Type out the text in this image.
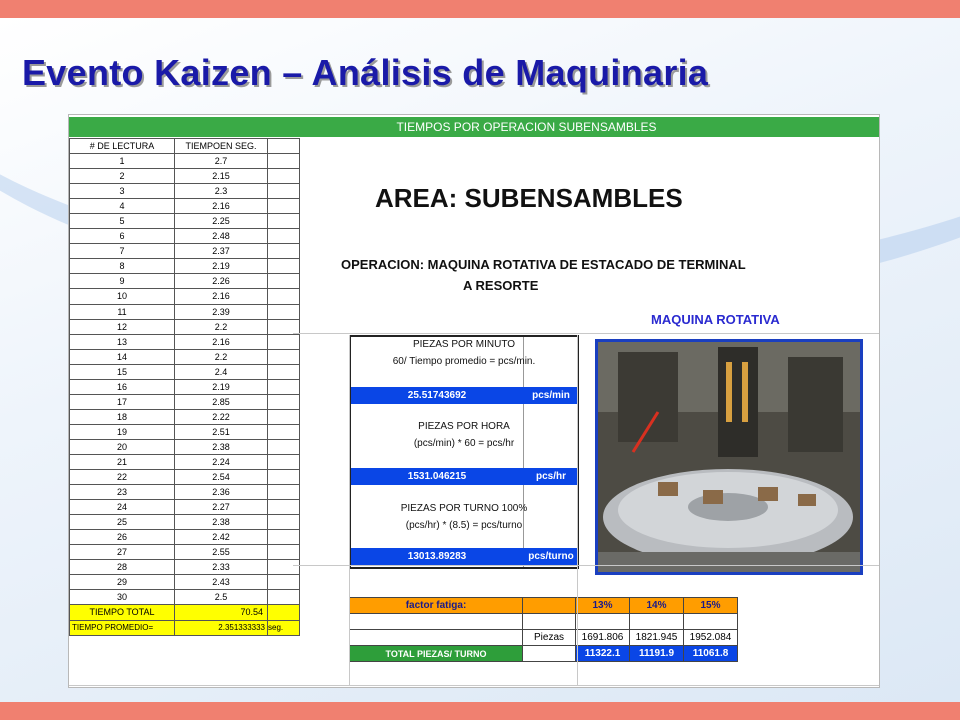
Evento Kaizen – Análisis de Maquinaria
TIEMPOS POR OPERACION SUBENSAMBLES
# DE LECTURA	TIEMPOEN SEG.	
1	2.7	
2	2.15	
3	2.3	
4	2.16	
5	2.25	
6	2.48	
7	2.37	
8	2.19	
9	2.26	
10	2.16	
11	2.39	
12	2.2	
13	2.16	
14	2.2	
15	2.4	
16	2.19	
17	2.85	
18	2.22	
19	2.51	
20	2.38	
21	2.24	
22	2.54	
23	2.36	
24	2.27	
25	2.38	
26	2.42	
27	2.55	
28	2.33	
29	2.43	
30	2.5	
TIEMPO TOTAL	70.54	
TIEMPO PROMEDIO=	2.351333333	seg.
AREA: SUBENSAMBLES
OPERACION: MAQUINA ROTATIVA DE ESTACADO DE TERMINAL
A RESORTE
MAQUINA ROTATIVA
PIEZAS POR MINUTO
60/ Tiempo promedio = pcs/min.
25.51743692	pcs/min
PIEZAS POR HORA
(pcs/min) * 60 = pcs/hr
1531.046215	pcs/hr
PIEZAS POR TURNO 100%
(pcs/hr) * (8.5) = pcs/turno
13013.89283	pcs/turno
factor fatiga:		13%	14%	15%

	Piezas	1691.806	1821.945	1952.084
TOTAL PIEZAS/ TURNO		11322.1	11191.9	11061.8
